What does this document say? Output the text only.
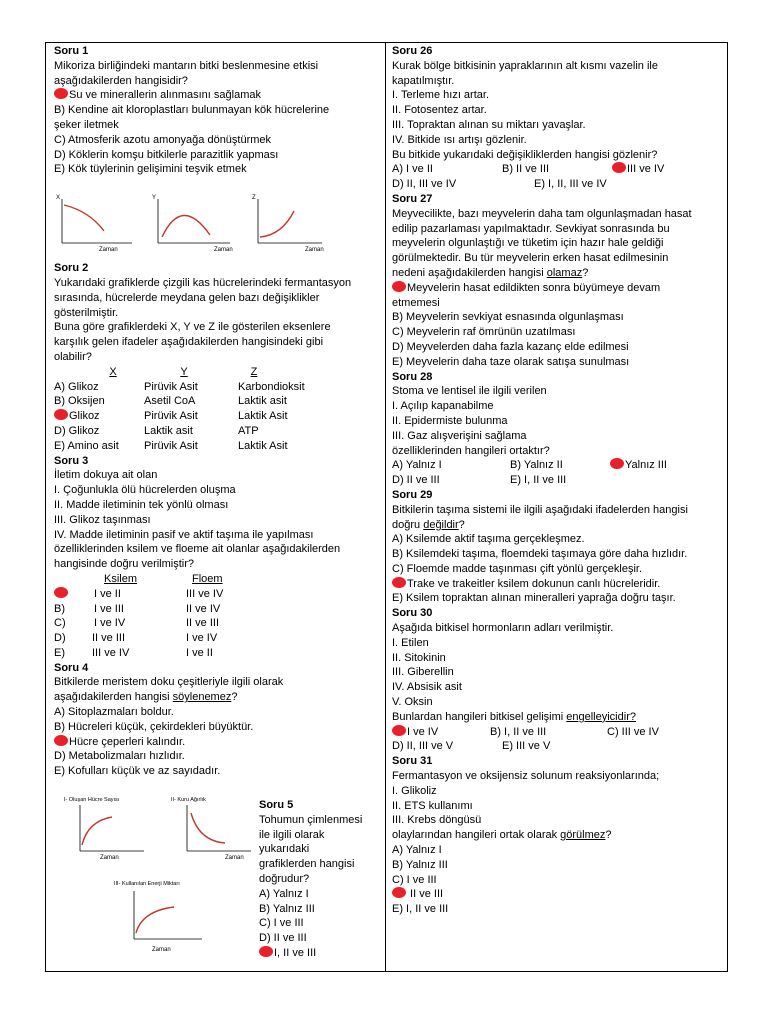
Soru 1
Mikoriza birliğindeki mantarın bitki beslenmesine etkisi
aşağıdakilerden hangisidir?
Su ve minerallerin alınmasını sağlamak
B) Kendine ait kloroplastları bulunmayan kök hücrelerine
şeker iletmek
C) Atmosferik azotu amonyağa dönüştürmek
D) Köklerin komşu bitkilerle parazitlik yapması
E) Kök tüylerinin gelişimini teşvik etmek
X
Zaman
Y
Zaman
Z
Zaman
Soru 2
Yukarıdaki grafiklerde çizgili kas hücrelerindeki fermantasyon
sırasında, hücrelerde meydana gelen bazı değişiklikler
gösterilmiştir.
Buna göre grafiklerdeki X, Y ve Z ile gösterilen eksenlere
karşılık gelen ifadeler aşağıdakilerden hangisindeki gibi
olabilir?
X	Y	Z
A) Glikoz	Pirüvik Asit	Karbondioksit
B) Oksijen	Asetil CoA	Laktik asit
Glikoz	Pirüvik Asit	Laktik Asit
D) Glikoz	Laktik asit	ATP
E) Amino asit	Pirüvik Asit	Laktik Asit
Soru 3
İletim dokuya ait olan
I. Çoğunlukla ölü hücrelerden oluşma
II. Madde iletiminin tek yönlü olması
III. Glikoz taşınması
IV. Madde iletiminin pasif ve aktif taşıma ile yapılması
özelliklerinden ksilem ve floeme ait olanlar aşağıdakilerden
hangisinde doğru verilmiştir?
Ksilem	Floem
I ve II	III ve IV
B)	I ve III	II ve IV
C)	I ve IV	II ve III
D)	II ve III	I ve IV
E)	III ve IV	I ve II
Soru 4
Bitkilerde meristem doku çeşitleriyle ilgili olarak
aşağıdakilerden hangisi söylenemez?
A) Sitoplazmaları boldur.
B) Hücreleri küçük, çekirdekleri büyüktür.
Hücre çeperleri kalındır.
D) Metabolizmaları hızlıdır.
E) Kofulları küçük ve az sayıdadır.
I- Oluşan Hücre Sayısı
Zaman
II- Kuru Ağırlık
Zaman
III- Kullanılan Enerji Miktarı
Zaman
Soru 5
Tohumun çimlenmesi
ile ilgili olarak
yukarıdaki
grafiklerden hangisi
doğrudur?
A) Yalnız I
B) Yalnız III
C) I ve III
D) II ve III
I, II ve III
Soru 26
Kurak bölge bitkisinin yapraklarının alt kısmı vazelin ile
kapatılmıştır.
I. Terleme hızı artar.
II. Fotosentez artar.
III. Topraktan alınan su miktarı yavaşlar.
IV. Bitkide ısı artışı gözlenir.
Bu bitkide yukarıdaki değişikliklerden hangisi gözlenir?
A) I ve II	B) II ve III	III ve IV
D) II, III ve IV	E) I, II, III ve IV
Soru 27
Meyvecilikte, bazı meyvelerin daha tam olgunlaşmadan hasat
edilip pazarlaması yapılmaktadır. Sevkiyat sonrasında bu
meyvelerin olgunlaştığı ve tüketim için hazır hale geldiği
görülmektedir. Bu tür meyvelerin erken hasat edilmesinin
nedeni aşağıdakilerden hangisi olamaz?
Meyvelerin hasat edildikten sonra büyümeye devam
etmemesi
B) Meyvelerin sevkiyat esnasında olgunlaşması
C) Meyvelerin raf ömrünün uzatılması
D) Meyvelerden daha fazla kazanç elde edilmesi
E) Meyvelerin daha taze olarak satışa sunulması
Soru 28
Stoma ve lentisel ile ilgili verilen
I. Açılıp kapanabilme
II. Epidermiste bulunma
III. Gaz alışverişini sağlama
özelliklerinden hangileri ortaktır?
A) Yalnız I	B) Yalnız II	Yalnız III
D) II ve III	E) I, II ve III
Soru 29
Bitkilerin taşıma sistemi ile ilgili aşağıdaki ifadelerden hangisi
doğru değildir?
A) Ksilemde aktif taşıma gerçekleşmez.
B) Ksilemdeki taşıma, floemdeki taşımaya göre daha hızlıdır.
C) Floemde madde taşınması çift yönlü gerçekleşir.
Trake ve trakeitler ksilem dokunun canlı hücreleridir.
E) Ksilem topraktan alınan mineralleri yaprağa doğru taşır.
Soru 30
Aşağıda bitkisel hormonların adları verilmiştir.
I. Etilen
II. Sitokinin
III. Giberellin
IV. Absisik asit
V. Oksin
Bunlardan hangileri bitkisel gelişimi engelleyicidir?
I ve IV	B) I, II ve III	C) III ve IV
D) II, III ve V	E) III ve V
Soru 31
Fermantasyon ve oksijensiz solunum reaksiyonlarında;
I. Glikoliz
II. ETS kullanımı
III. Krebs döngüsü
olaylarından hangileri ortak olarak görülmez?
A) Yalnız I
B) Yalnız III
C) I ve III
II ve III
E) I, II ve III
